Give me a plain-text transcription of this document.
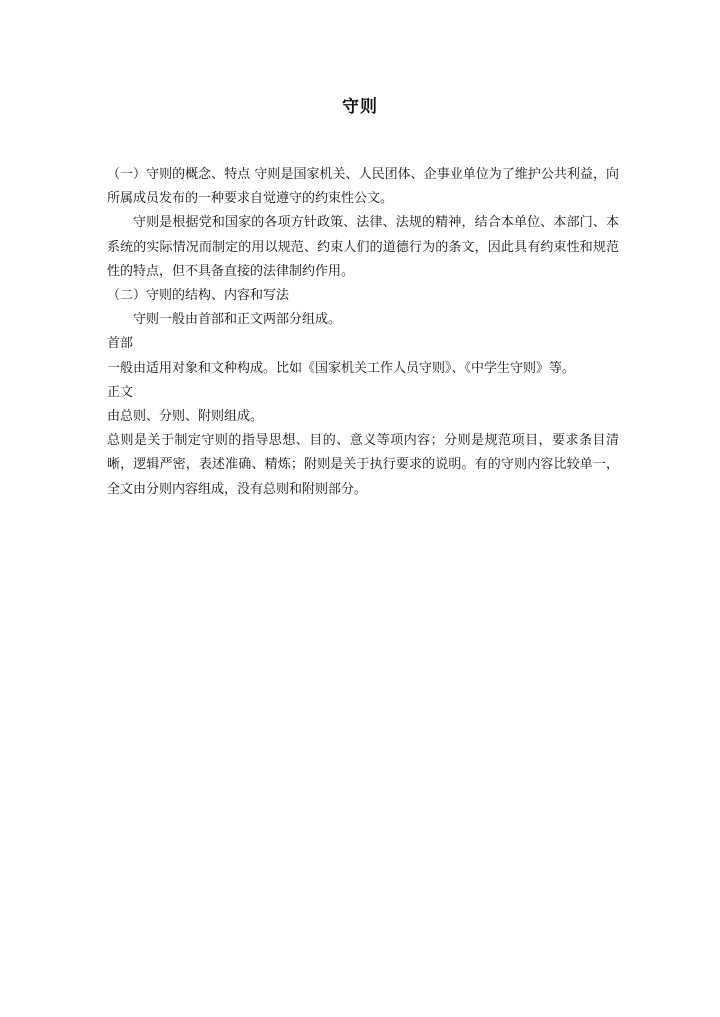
守则

（一）守则的概念、特点 守则是国家机关、人民团体、企事业单位为了维护公共利益，向所属成员发布的一种要求自觉遵守的约束性公文。

守则是根据党和国家的各项方针政策、法律、法规的精神，结合本单位、本部门、本系统的实际情况而制定的用以规范、约束人们的道德行为的条文，因此具有约束性和规范性的特点，但不具备直接的法律制约作用。

（二）守则的结构、内容和写法

守则一般由首部和正文两部分组成。

首部

一般由适用对象和文种构成。比如《国家机关工作人员守则》、《中学生守则》等。

正文

由总则、分则、附则组成。

总则是关于制定守则的指导思想、目的、意义等项内容；分则是规范项目，要求条目清晰，逻辑严密，表述准确、精炼；附则是关于执行要求的说明。有的守则内容比较单一，全文由分则内容组成，没有总则和附则部分。
